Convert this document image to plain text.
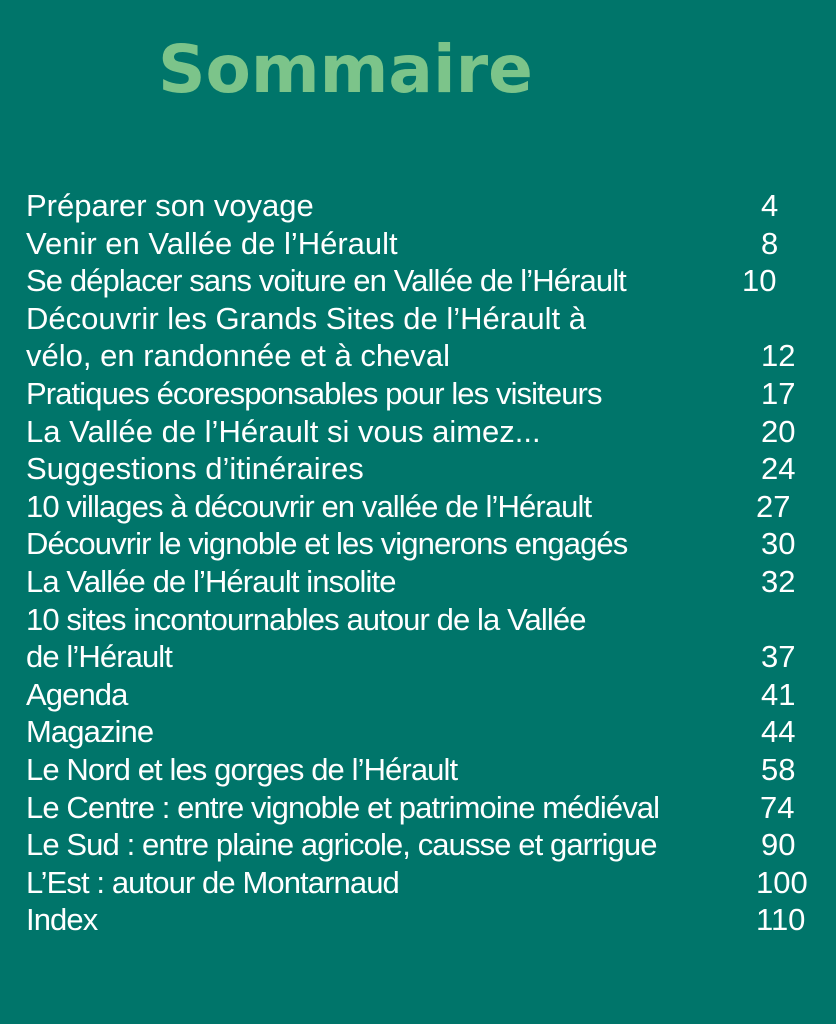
Sommaire
Préparer son voyage	4
Venir en Vallée de l’Hérault	8
Se déplacer sans voiture en Vallée de l’Hérault	10
Découvrir les Grands Sites de l’Hérault à
vélo, en randonnée et à cheval	12
Pratiques écoresponsables pour les visiteurs	17
La Vallée de l’Hérault si vous aimez...	20
Suggestions d’itinéraires	24
10 villages à découvrir en vallée de l’Hérault	27
Découvrir le vignoble et les vignerons engagés	30
La Vallée de l’Hérault insolite	32
10 sites incontournables autour de la Vallée
de l’Hérault	37
Agenda	41
Magazine	44
Le Nord et les gorges de l’Hérault	58
Le Centre : entre vignoble et patrimoine médiéval	74
Le Sud : entre plaine agricole, causse et garrigue	90
L’Est : autour de Montarnaud	100
Index	110
